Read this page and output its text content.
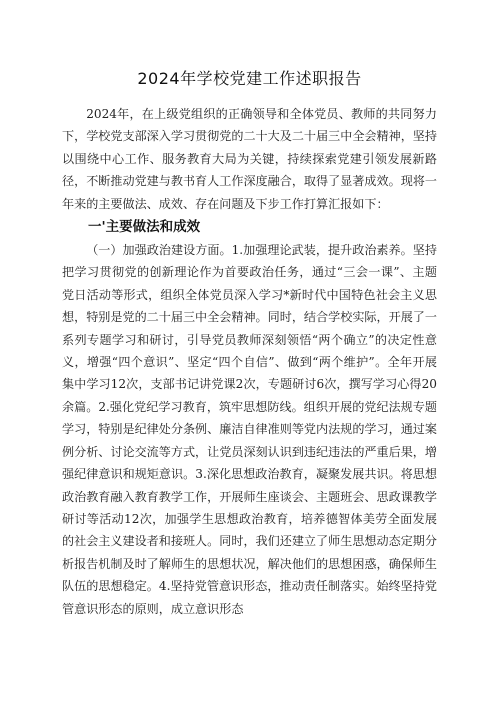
2024年学校党建工作述职报告

2024年，在上级党组织的正确领导和全体党员、教师的共同努力下，学校党支部深入学习贯彻党的二十大及二十届三中全会精神，坚持以围绕中心工作、服务教育大局为关键，持续探索党建引领发展新路径，不断推动党建与教书育人工作深度融合，取得了显著成效。现将一年来的主要做法、成效、存在问题及下步工作打算汇报如下：

一'主要做法和成效

（一）加强政治建设方面。1.加强理论武装，提升政治素养。坚持把学习贯彻党的创新理论作为首要政治任务，通过“三会一课”、主题党日活动等形式，组织全体党员深入学习*新时代中国特色社会主义思想，特别是党的二十届三中全会精神。同时，结合学校实际，开展了一系列专题学习和研讨，引导党员教师深刻领悟“两个确立”的决定性意义，增强“四个意识”、坚定“四个自信”、做到“两个维护”。全年开展集中学习12次，支部书记讲党课2次，专题研讨6次，撰写学习心得20余篇。2.强化党纪学习教育，筑牢思想防线。组织开展的党纪法规专题学习，特别是纪律处分条例、廉洁自律准则等党内法规的学习，通过案例分析、讨论交流等方式，让党员深刻认识到违纪违法的严重后果，增强纪律意识和规矩意识。3.深化思想政治教育，凝聚发展共识。将思想政治教育融入教育教学工作，开展师生座谈会、主题班会、思政课教学研讨等活动12次，加强学生思想政治教育，培养德智体美劳全面发展的社会主义建设者和接班人。同时，我们还建立了师生思想动态定期分析报告机制及时了解师生的思想状况，解决他们的思想困惑，确保师生队伍的思想稳定。4.坚持党管意识形态，推动责任制落实。始终坚持党管意识形态的原则，成立意识形态
